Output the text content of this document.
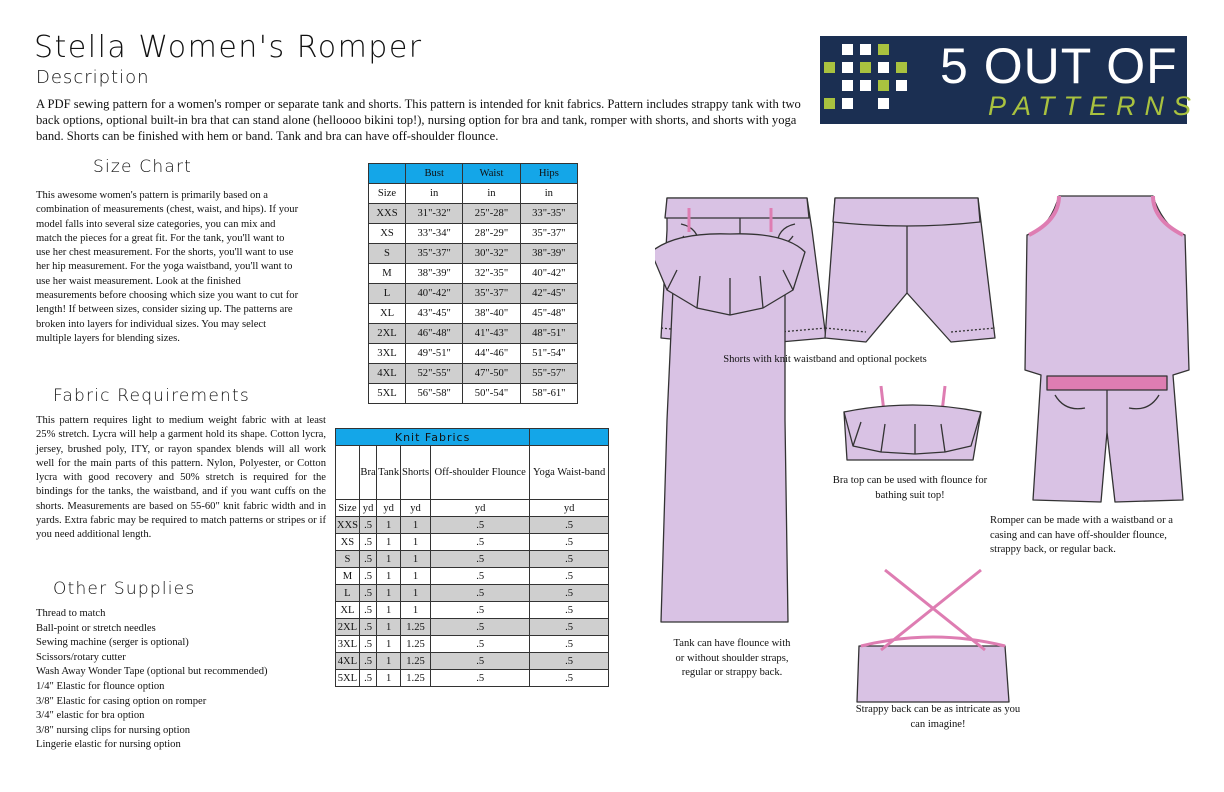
Stella Women's Romper
Description
A PDF sewing pattern for a women's romper or separate tank and shorts. This pattern is intended for knit fabrics. Pattern includes strappy tank with two back options, optional built-in bra that can stand alone (helloooo bikini top!), nursing option for bra and tank, romper with shorts, and shorts with yoga band. Shorts can be finished with hem or band. Tank and bra can have off-shoulder flounce.
5 OUT OF 4
PATTERNS
Size Chart
This awesome women's pattern is primarily based on a combination of measurements (chest, waist, and hips). If your model falls into several size categories, you can mix and match the pieces for a great fit. For the tank, you'll want to use her chest measurement. For the shorts, you'll want to use her hip measurement. For the yoga waistband, you'll want to use her waist measurement. Look at the finished measurements before choosing which size you want to cut for length! If between sizes, consider sizing up. The patterns are broken into layers for individual sizes. You may select multiple layers for blending sizes.
	Bust	Waist	Hips
Size	in	in	in
XXS	31"-32"	25"-28"	33"-35"
XS	33"-34"	28"-29"	35"-37"
S	35"-37"	30"-32"	38"-39"
M	38"-39"	32"-35"	40"-42"
L	40"-42"	35"-37"	42"-45"
XL	43"-45"	38"-40"	45"-48"
2XL	46"-48"	41"-43"	48"-51"
3XL	49"-51"	44"-46"	51"-54"
4XL	52"-55"	47"-50"	55"-57"
5XL	56"-58"	50"-54"	58"-61"
Fabric Requirements
This pattern requires light to medium weight fabric with at least 25% stretch. Lycra will help a garment hold its shape. Cotton lycra, jersey, brushed poly, ITY, or rayon spandex blends will all work well for the main parts of this pattern. Nylon, Polyester, or Cotton lycra with good recovery and 50% stretch is required for the bindings for the tanks, the waistband, and if you want cuffs on the shorts. Measurements are based on 55-60" knit fabric width and in yards. Extra fabric may be required to match patterns or stripes or if you need additional length.
Knit Fabrics					
	Bra	Tank	Shorts	Off-shoulder Flounce	Yoga Waist-band
Size	yd	yd	yd	yd	yd
XXS	.5	1	1	.5	.5
XS	.5	1	1	.5	.5
S	.5	1	1	.5	.5
M	.5	1	1	.5	.5
L	.5	1	1	.5	.5
XL	.5	1	1	.5	.5
2XL	.5	1	1.25	.5	.5
3XL	.5	1	1.25	.5	.5
4XL	.5	1	1.25	.5	.5
5XL	.5	1	1.25	.5	.5
Other Supplies
Thread to match
Ball-point or stretch needles
Sewing machine (serger is optional)
Scissors/rotary cutter
Wash Away Wonder Tape (optional but recommended)
1/4" Elastic for flounce option
3/8" Elastic for casing option on romper
3/4" elastic for bra option
3/8" nursing clips for nursing option
Lingerie elastic for nursing option
Shorts with knit waistband and optional pockets
Bra top can be used with flounce for bathing suit top!
Romper can be made with a waistband or a casing and can have off-shoulder flounce, strappy back, or regular back.
Tank can have flounce with or without shoulder straps, regular or strappy back.
Strappy back can be as intricate as you can imagine!
